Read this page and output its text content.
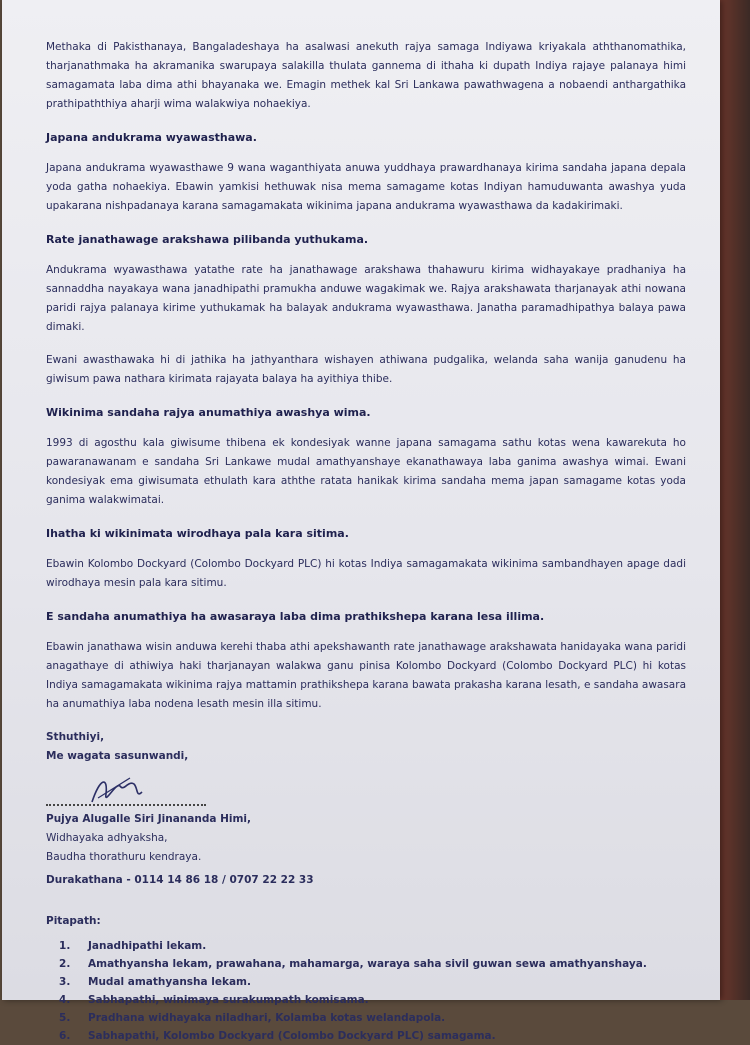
Methaka di Pakisthanaya, Bangaladeshaya ha asalwasi anekuth rajya samaga Indiyawa kriyakala aththanomathika, tharjanathmaka ha akramanika swarupaya salakilla thulata gannema di ithaha ki dupath Indiya rajaye palanaya himi samagamata laba dima athi bhayanaka we. Emagin methek kal Sri Lankawa pawathwagena a nobaendi anthargathika prathipaththiya aharji wima walakwiya nohaekiya.

Japana andukrama wyawasthawa.

Japana andukrama wyawasthawe 9 wana waganthiyata anuwa yuddhaya prawardhanaya kirima sandaha japana depala yoda gatha nohaekiya. Ebawin yamkisi hethuwak nisa mema samagame kotas Indiyan hamuduwanta awashya yuda upakarana nishpadanaya karana samagamakata wikinima japana andukrama wyawasthawa da kadakirimaki.

Rate janathawage arakshawa pilibanda yuthukama.

Andukrama wyawasthawa yatathe rate ha janathawage arakshawa thahawuru kirima widhayakaye pradhaniya ha sannaddha nayakaya wana janadhipathi pramukha anduwe wagakimak we. Rajya arakshawata tharjanayak athi nowana paridi rajya palanaya kirime yuthukamak ha balayak andukrama wyawasthawa. Janatha paramadhipathya balaya pawa dimaki.

Ewani awasthawaka hi di jathika ha jathyanthara wishayen athiwana pudgalika, welanda saha wanija ganudenu ha giwisum pawa nathara kirimata rajayata balaya ha ayithiya thibe.

Wikinima sandaha rajya anumathiya awashya wima.

1993 di agosthu kala giwisume thibena ek kondesiyak wanne japana samagama sathu kotas wena kawarekuta ho pawaranawanam e sandaha Sri Lankawe mudal amathyanshaye ekanathawaya laba ganima awashya wimai. Ewani kondesiyak ema giwisumata ethulath kara aththe ratata hanikak kirima sandaha mema japan samagame kotas yoda ganima walakwimatai.

Ihatha ki wikinimata wirodhaya pala kara sitima.

Ebawin Kolombo Dockyard (Colombo Dockyard PLC) hi kotas Indiya samagamakata wikinima sambandhayen apage dadi wirodhaya mesin pala kara sitimu.

E sandaha anumathiya ha awasaraya laba dima prathikshepa karana lesa illima.

Ebawin janathawa wisin anduwa kerehi thaba athi apekshawanth rate janathawage arakshawata hanidayaka wana paridi anagathaye di athiwiya haki tharjanayan walakwa ganu pinisa Kolombo Dockyard (Colombo Dockyard PLC) hi kotas Indiya samagamakata wikinima rajya mattamin prathikshepa karana bawata prakasha karana lesath, e sandaha awasara ha anumathiya laba nodena lesath mesin illa sitimu.

Sthuthiyi,
Me wagata sasunwandi,
Pujya Alugalle Siri Jinananda Himi,
Widhayaka adhyaksha,
Baudha thorathuru kendraya.
Durakathana - 0114 14 86 18 / 0707 22 22 33
Pitapath:
1. Janadhipathi lekam.
2. Amathyansha lekam, prawahana, mahamarga, waraya saha sivil guwan sewa amathyanshaya.
3. Mudal amathyansha lekam.
4. Sabhapathi, winimaya surakumpath komisama.
5. Pradhana widhayaka niladhari, Kolamba kotas welandapola.
6. Sabhapathi, Kolombo Dockyard (Colombo Dockyard PLC) samagama.
